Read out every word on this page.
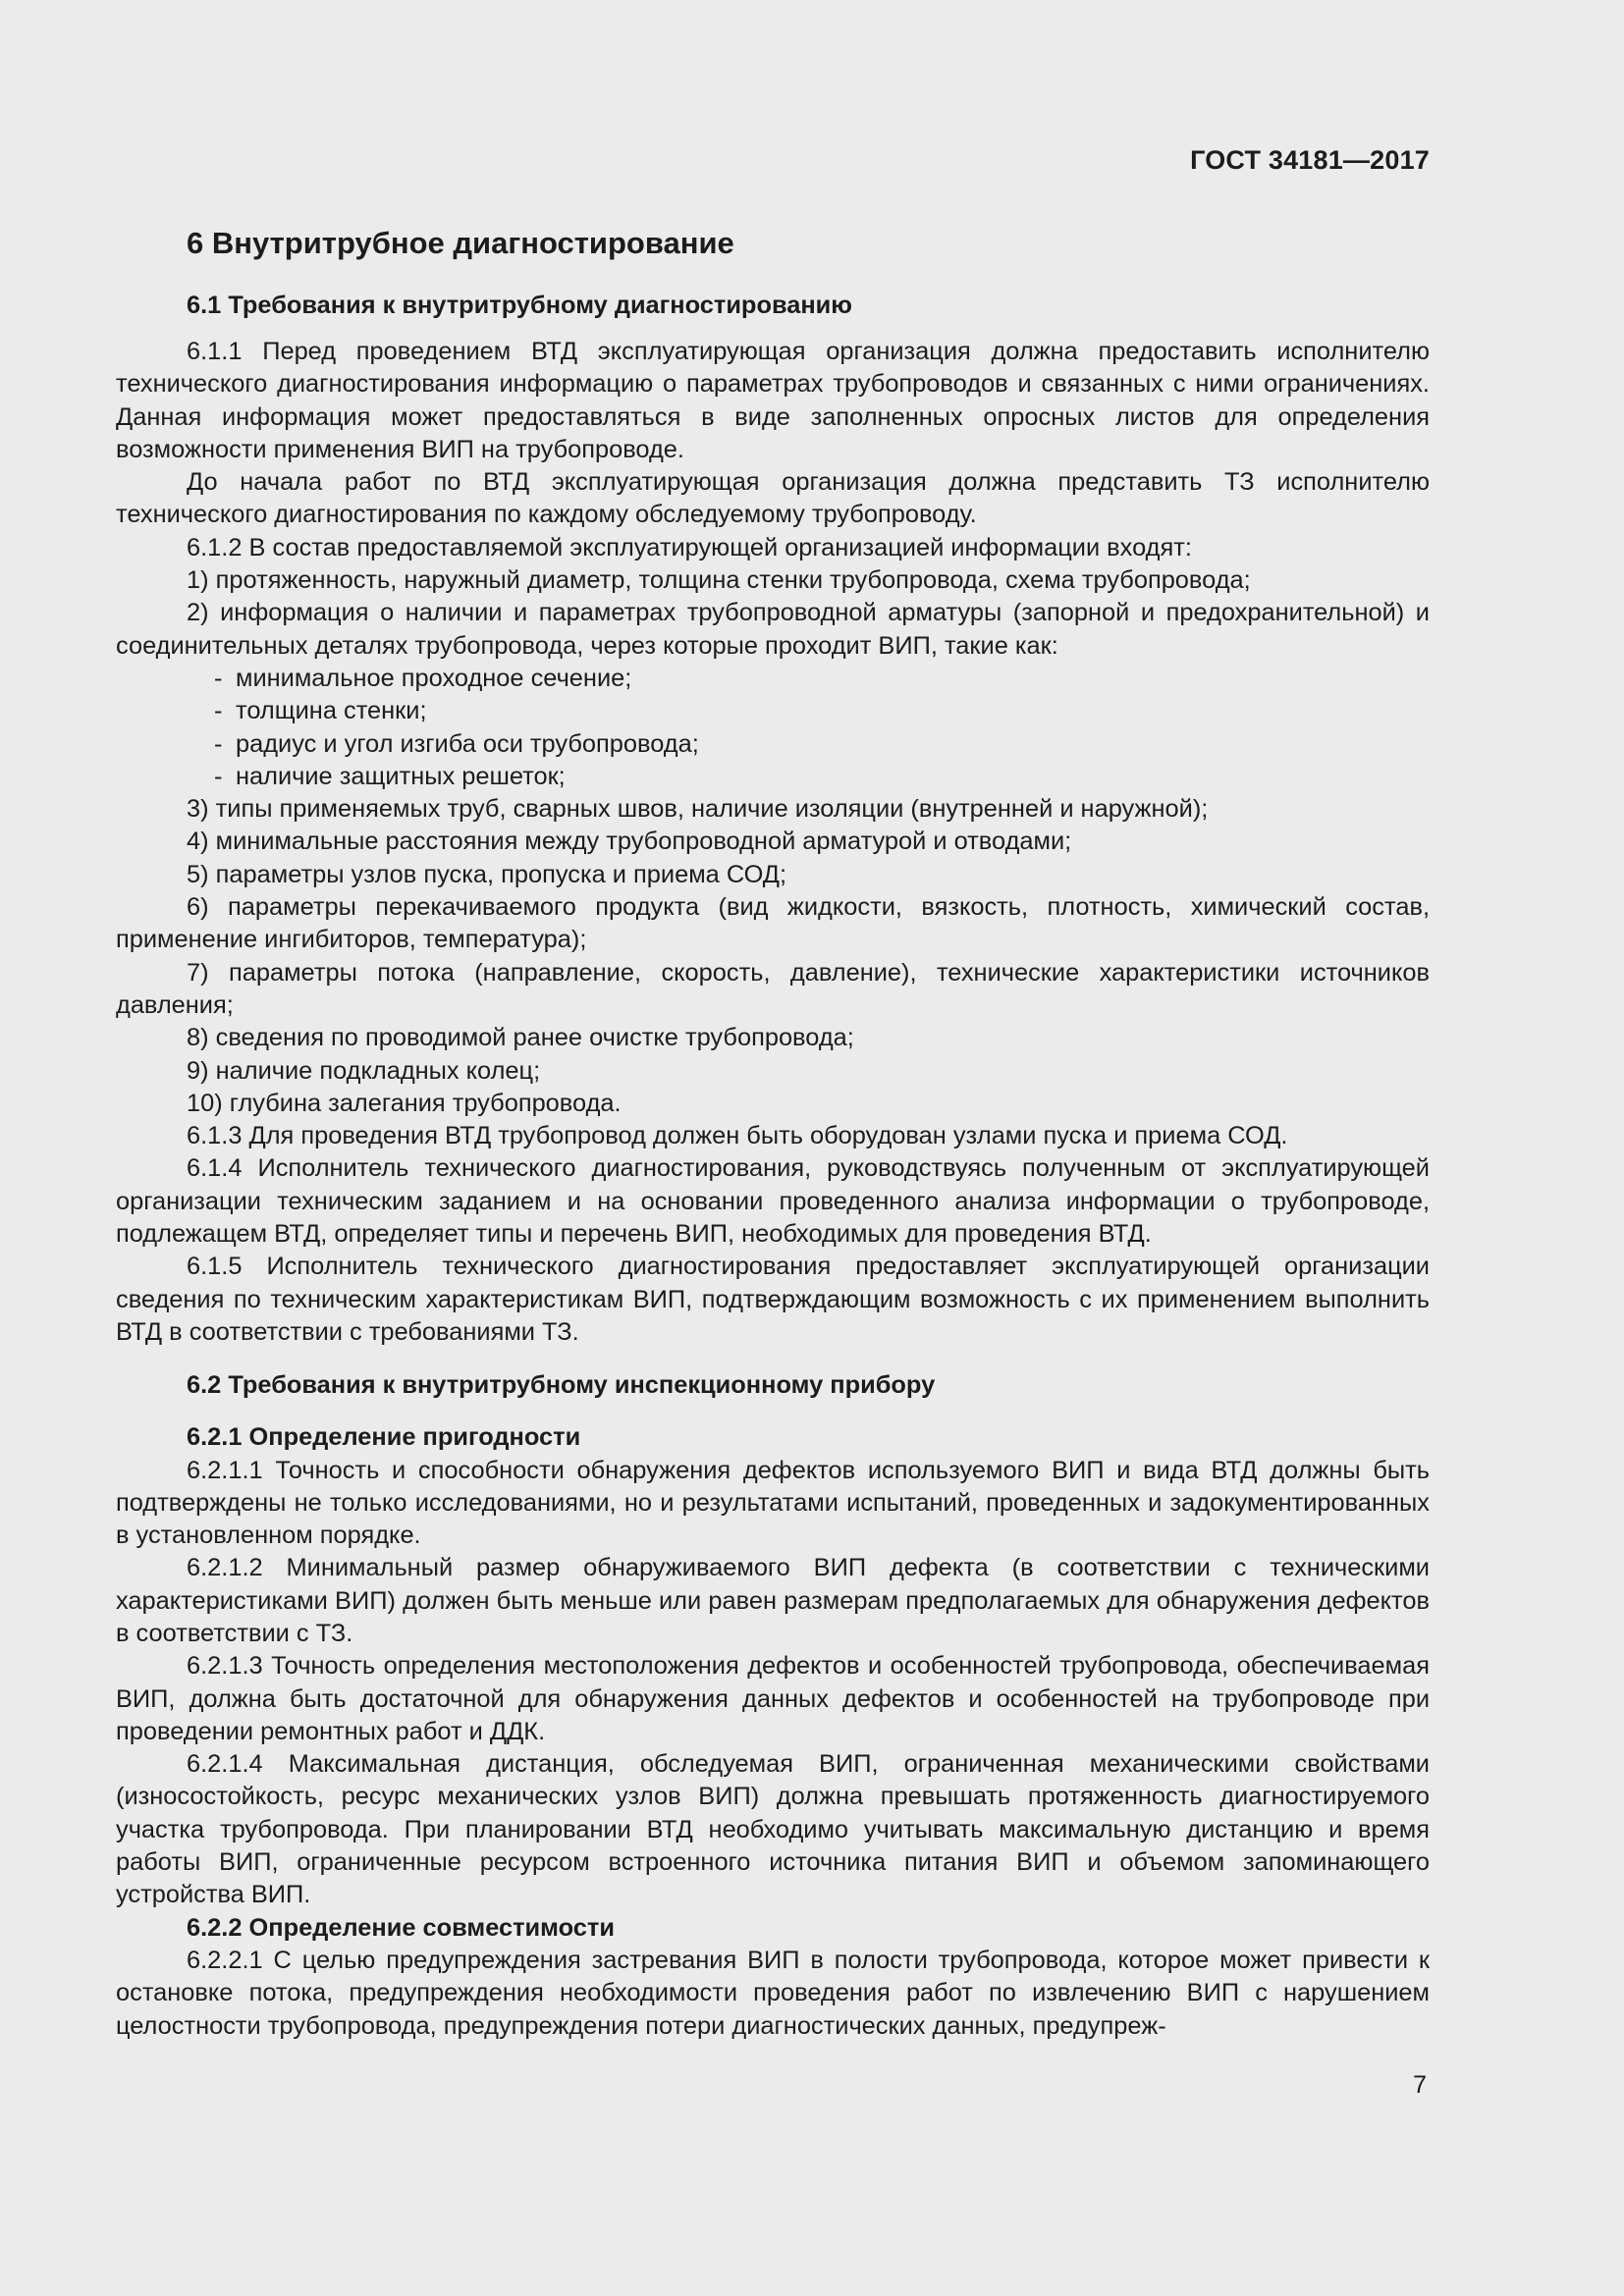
ГОСТ 34181—2017

6 Внутритрубное диагностирование

6.1 Требования к внутритрубному диагностированию

6.1.1 Перед проведением ВТД эксплуатирующая организация должна предоставить исполнителю технического диагностирования информацию о параметрах трубопроводов и связанных с ними ограничениях. Данная информация может предоставляться в виде заполненных опросных листов для определения возможности применения ВИП на трубопроводе.

До начала работ по ВТД эксплуатирующая организация должна представить ТЗ исполнителю технического диагностирования по каждому обследуемому трубопроводу.

6.1.2 В состав предоставляемой эксплуатирующей организацией информации входят:

1) протяженность, наружный диаметр, толщина стенки трубопровода, схема трубопровода;

2) информация о наличии и параметрах трубопроводной арматуры (запорной и предохранительной) и соединительных деталях трубопровода, через которые проходит ВИП, такие как:

- минимальное проходное сечение;

- толщина стенки;

- радиус и угол изгиба оси трубопровода;

- наличие защитных решеток;

3) типы применяемых труб, сварных швов, наличие изоляции (внутренней и наружной);

4) минимальные расстояния между трубопроводной арматурой и отводами;

5) параметры узлов пуска, пропуска и приема СОД;

6) параметры перекачиваемого продукта (вид жидкости, вязкость, плотность, химический состав, применение ингибиторов, температура);

7) параметры потока (направление, скорость, давление), технические характеристики источников давления;

8) сведения по проводимой ранее очистке трубопровода;

9) наличие подкладных колец;

10) глубина залегания трубопровода.

6.1.3 Для проведения ВТД трубопровод должен быть оборудован узлами пуска и приема СОД.

6.1.4 Исполнитель технического диагностирования, руководствуясь полученным от эксплуатирующей организации техническим заданием и на основании проведенного анализа информации о трубопроводе, подлежащем ВТД, определяет типы и перечень ВИП, необходимых для проведения ВТД.

6.1.5 Исполнитель технического диагностирования предоставляет эксплуатирующей организации сведения по техническим характеристикам ВИП, подтверждающим возможность с их применением выполнить ВТД в соответствии с требованиями ТЗ.

6.2 Требования к внутритрубному инспекционному прибору

6.2.1 Определение пригодности

6.2.1.1 Точность и способности обнаружения дефектов используемого ВИП и вида ВТД должны быть подтверждены не только исследованиями, но и результатами испытаний, проведенных и задокументированных в установленном порядке.

6.2.1.2 Минимальный размер обнаруживаемого ВИП дефекта (в соответствии с техническими характеристиками ВИП) должен быть меньше или равен размерам предполагаемых для обнаружения дефектов в соответствии с ТЗ.

6.2.1.3 Точность определения местоположения дефектов и особенностей трубопровода, обеспечиваемая ВИП, должна быть достаточной для обнаружения данных дефектов и особенностей на трубопроводе при проведении ремонтных работ и ДДК.

6.2.1.4 Максимальная дистанция, обследуемая ВИП, ограниченная механическими свойствами (износостойкость, ресурс механических узлов ВИП) должна превышать протяженность диагностируемого участка трубопровода. При планировании ВТД необходимо учитывать максимальную дистанцию и время работы ВИП, ограниченные ресурсом встроенного источника питания ВИП и объемом запоминающего устройства ВИП.

6.2.2 Определение совместимости

6.2.2.1 С целью предупреждения застревания ВИП в полости трубопровода, которое может привести к остановке потока, предупреждения необходимости проведения работ по извлечению ВИП с нарушением целостности трубопровода, предупреждения потери диагностических данных, предупреж-

7
